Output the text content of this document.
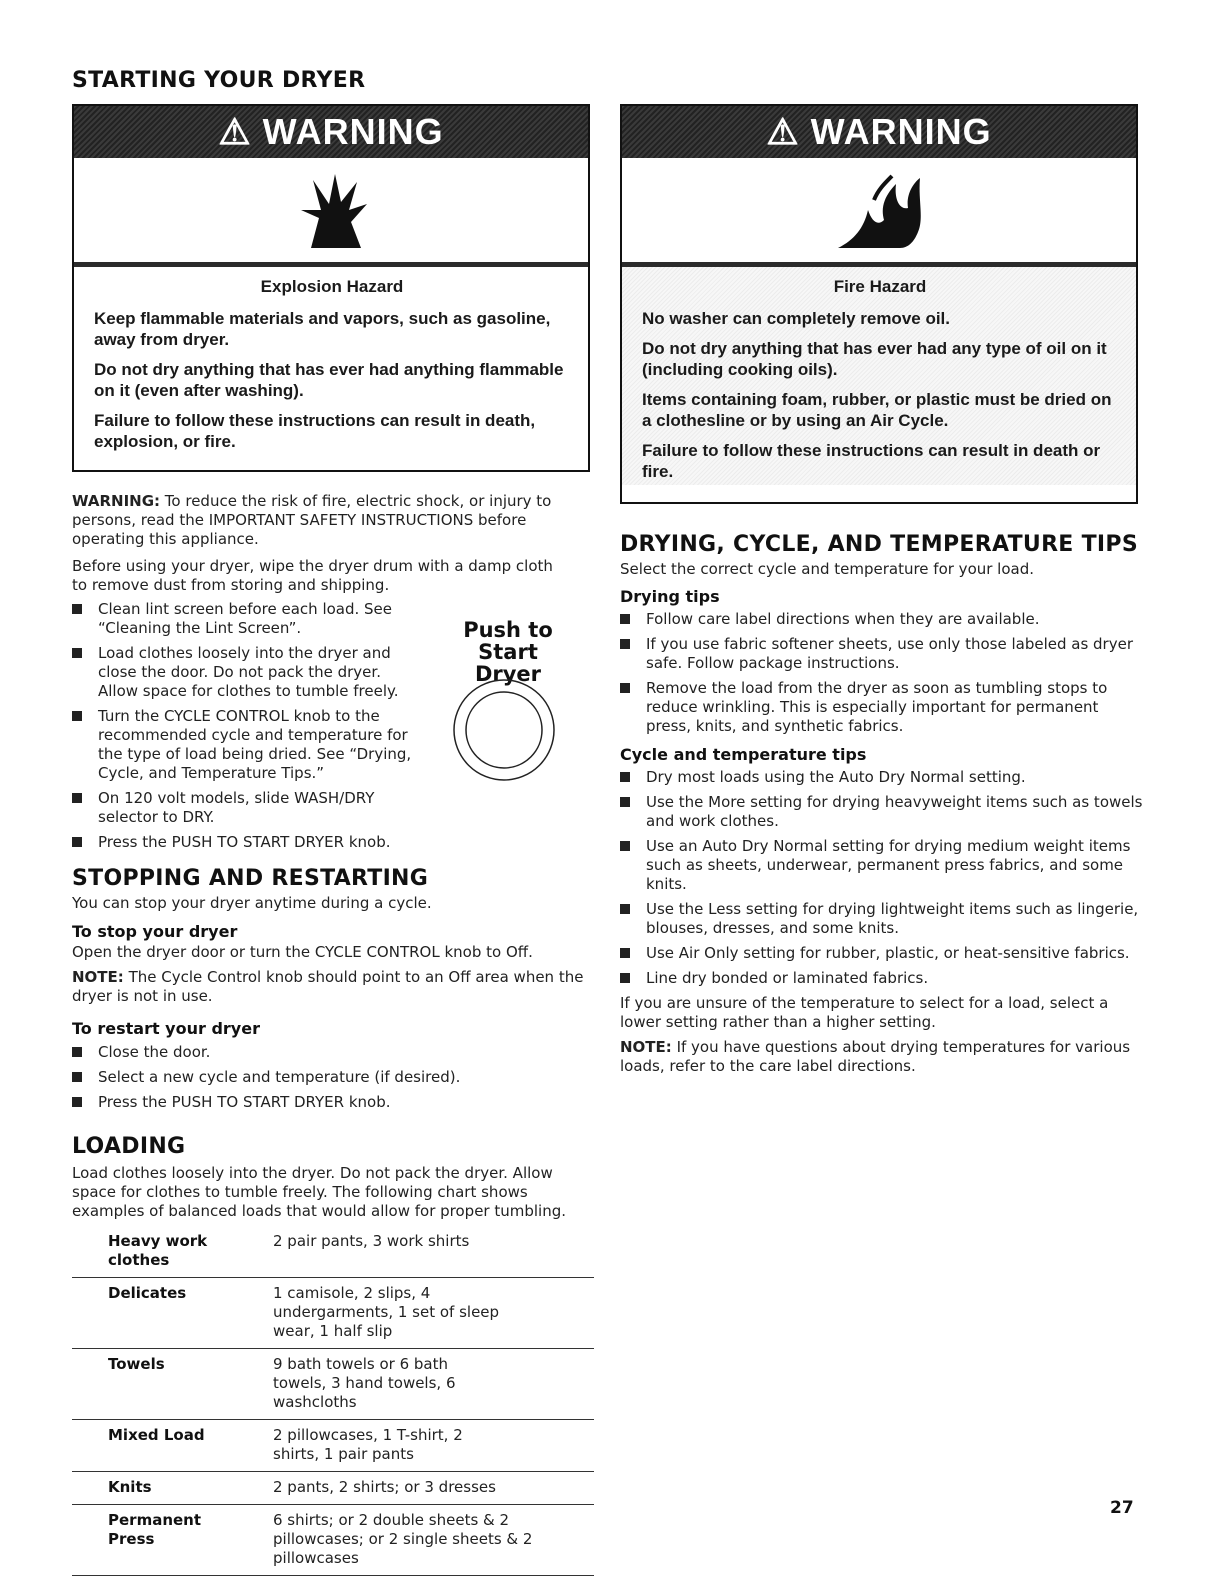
STARTING YOUR DRYER
⚠ WARNING

Explosion Hazard

Keep flammable materials and vapors, such as gasoline, away from dryer.

Do not dry anything that has ever had anything flammable on it (even after washing).

Failure to follow these instructions can result in death, explosion, or fire.

⚠ WARNING

Fire Hazard

No washer can completely remove oil.

Do not dry anything that has ever had any type of oil on it (including cooking oils).

Items containing foam, rubber, or plastic must be dried on a clothesline or by using an Air Cycle.

Failure to follow these instructions can result in death or fire.

WARNING: To reduce the risk of fire, electric shock, or injury to persons, read the IMPORTANT SAFETY INSTRUCTIONS before operating this appliance.

Before using your dryer, wipe the dryer drum with a damp cloth to remove dust from storing and shipping.

Clean lint screen before each load. See “Cleaning the Lint Screen”.
Load clothes loosely into the dryer and close the door. Do not pack the dryer. Allow space for clothes to tumble freely.
Turn the CYCLE CONTROL knob to the recommended cycle and temperature for the type of load being dried. See “Drying, Cycle, and Temperature Tips.”
On 120 volt models, slide WASH/DRY selector to DRY.
Press the PUSH TO START DRYER knob.
Push to Start
Dryer
STOPPING AND RESTARTING

You can stop your dryer anytime during a cycle.

To stop your dryer

Open the dryer door or turn the CYCLE CONTROL knob to Off.

NOTE: The Cycle Control knob should point to an Off area when the dryer is not in use.

To restart your dryer

Close the door.
Select a new cycle and temperature (if desired).
Press the PUSH TO START DRYER knob.
LOADING

Load clothes loosely into the dryer. Do not pack the dryer. Allow space for clothes to tumble freely. The following chart shows examples of balanced loads that would allow for proper tumbling.

Heavy work clothes	2 pair pants, 3 work shirts
Delicates	1 camisole, 2 slips, 4 undergarments, 1 set of sleep wear, 1 half slip
Towels	9 bath towels or 6 bath towels, 3 hand towels, 6 washcloths
Mixed Load	2 pillowcases, 1 T-shirt, 2 shirts, 1 pair pants
Knits	2 pants, 2 shirts; or 3 dresses
Permanent Press	6 shirts; or 2 double sheets & 2 pillowcases; or 2 single sheets & 2 pillowcases
DRYING, CYCLE, AND TEMPERATURE TIPS

Select the correct cycle and temperature for your load.

Drying tips

Follow care label directions when they are available.
If you use fabric softener sheets, use only those labeled as dryer safe. Follow package instructions.
Remove the load from the dryer as soon as tumbling stops to reduce wrinkling. This is especially important for permanent press, knits, and synthetic fabrics.

Cycle and temperature tips

Dry most loads using the Auto Dry Normal setting.
Use the More setting for drying heavyweight items such as towels and work clothes.
Use an Auto Dry Normal setting for drying medium weight items such as sheets, underwear, permanent press fabrics, and some knits.
Use the Less setting for drying lightweight items such as lingerie, blouses, dresses, and some knits.
Use Air Only setting for rubber, plastic, or heat-sensitive fabrics.
Line dry bonded or laminated fabrics.

If you are unsure of the temperature to select for a load, select a lower setting rather than a higher setting.

NOTE: If you have questions about drying temperatures for various loads, refer to the care label directions.

27
